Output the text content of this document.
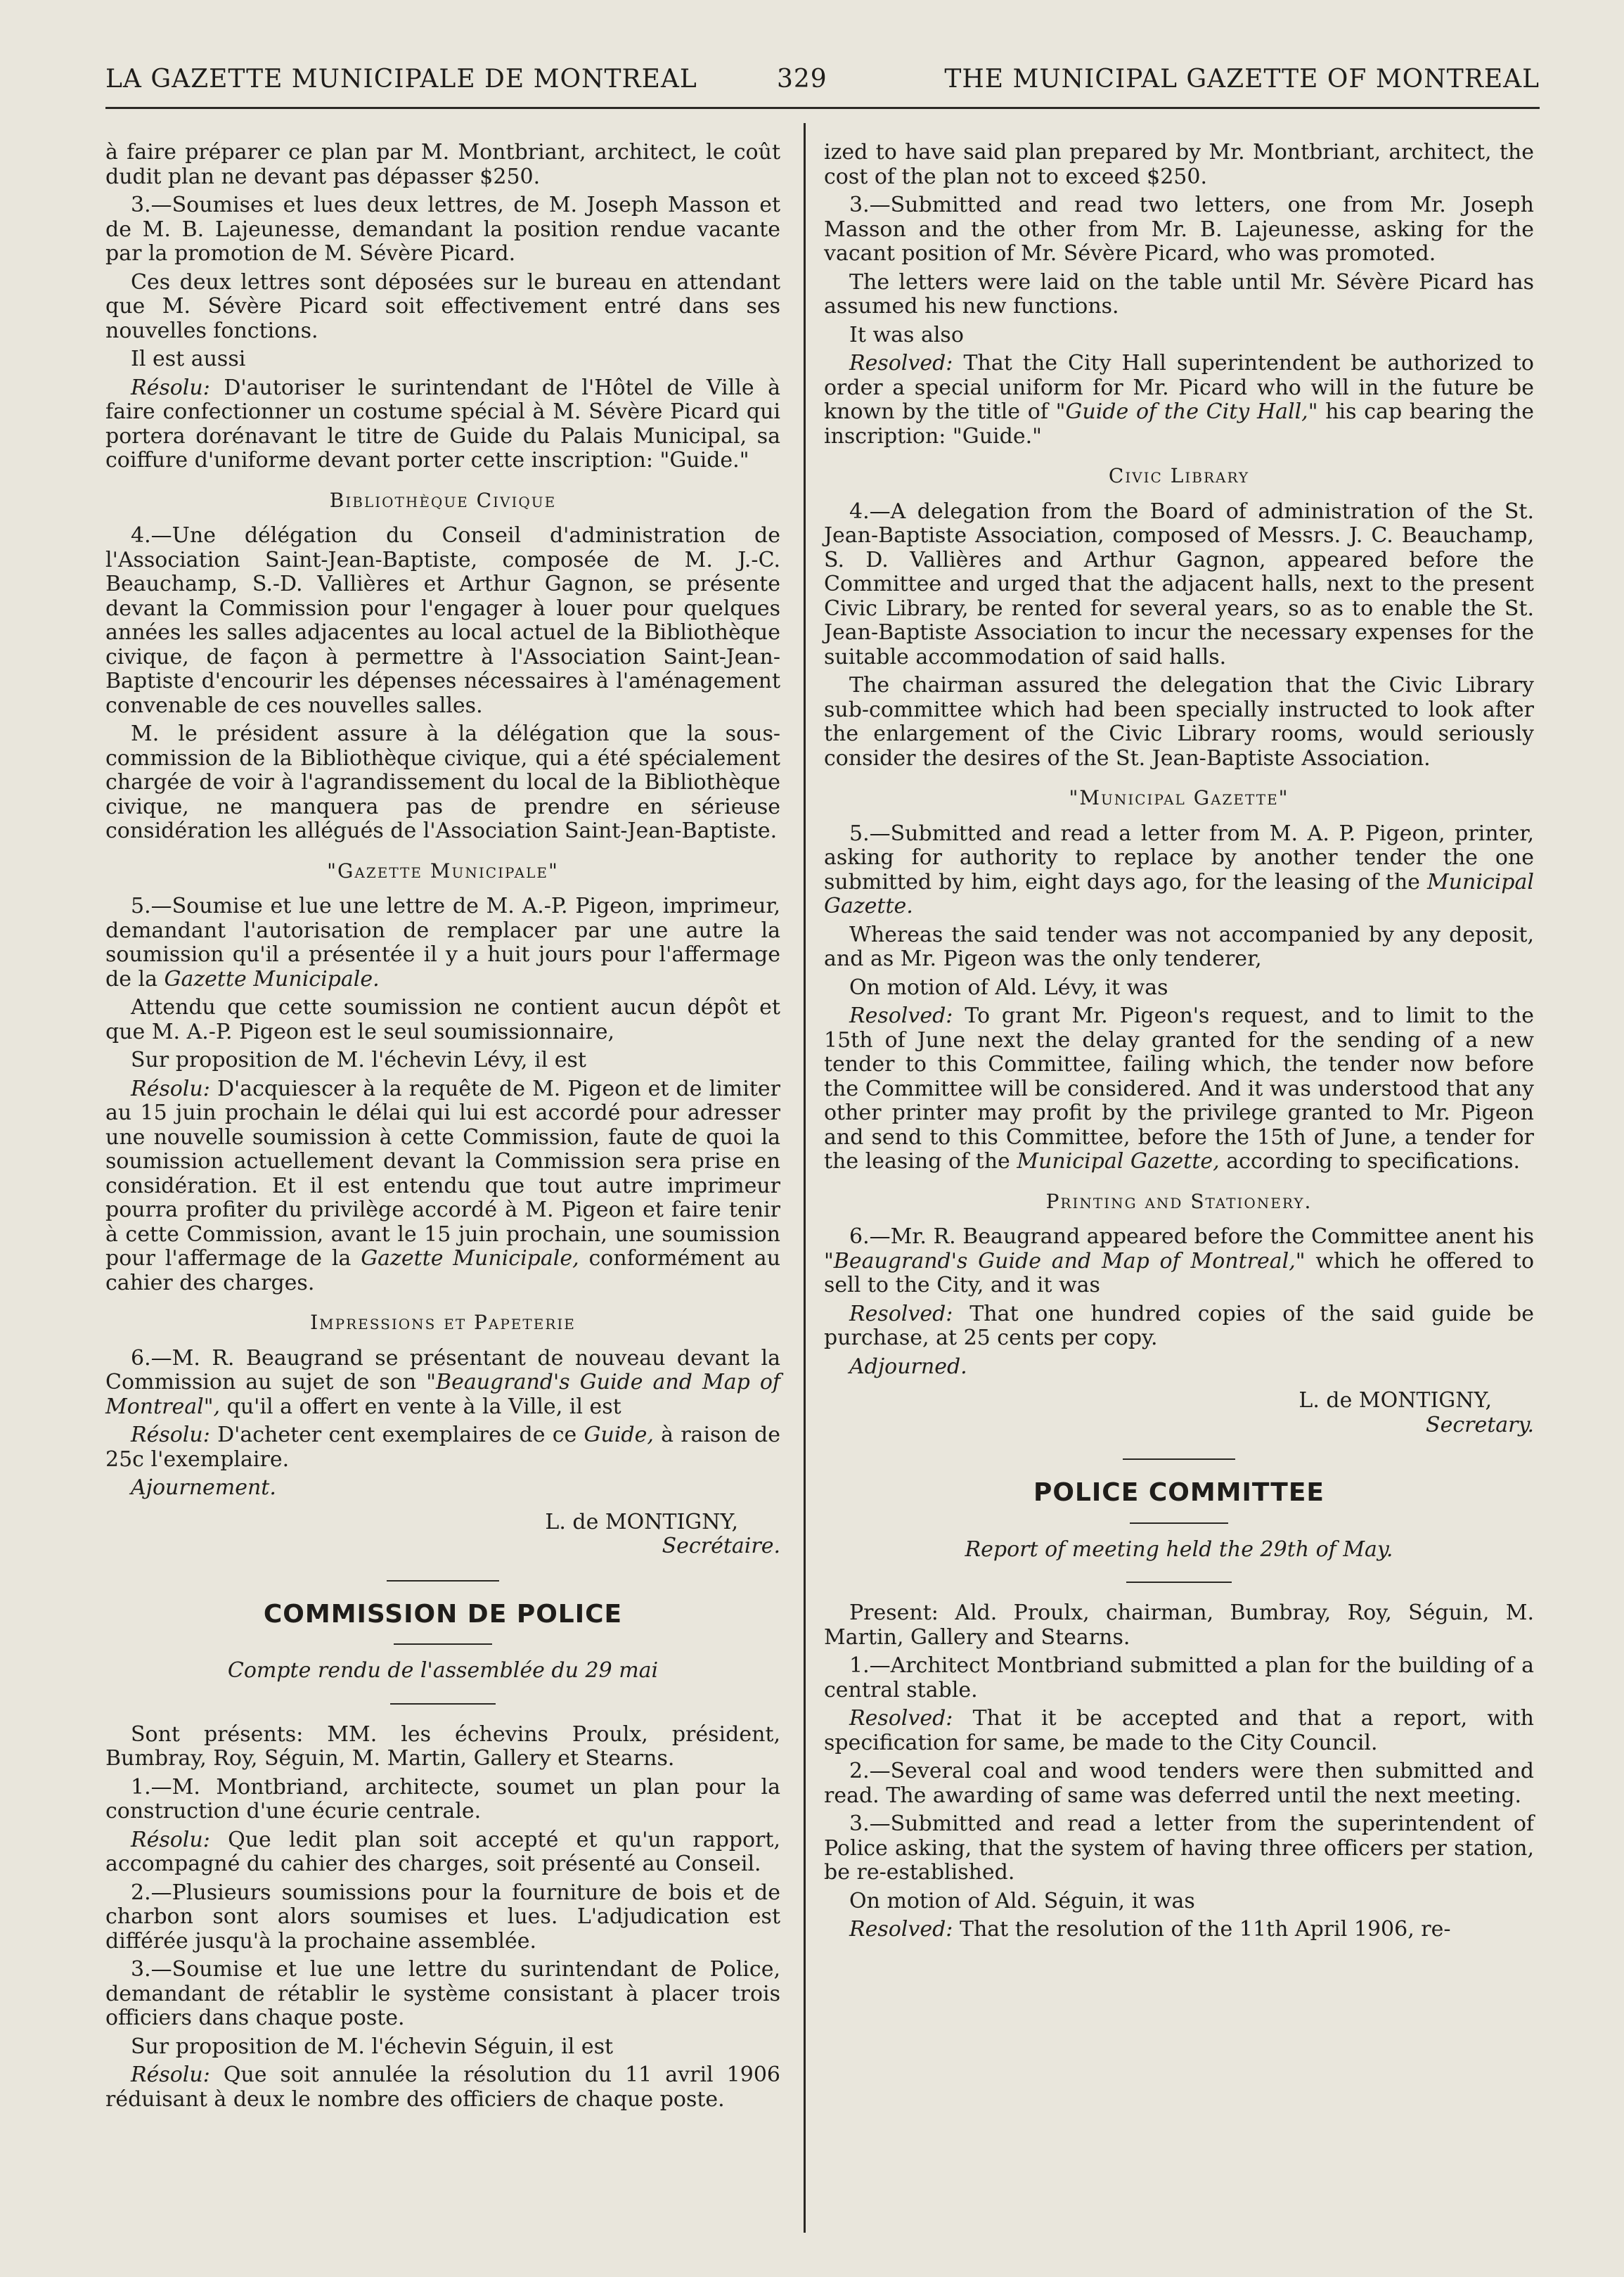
LA GAZETTE MUNICIPALE DE MONTREAL	329	THE MUNICIPAL GAZETTE OF MONTREAL

à faire préparer ce plan par M. Montbriant, architect, le coût dudit plan ne devant pas dépasser $250.

3.—Soumises et lues deux lettres, de M. Joseph Masson et de M. B. Lajeunesse, demandant la position rendue vacante par la promotion de M. Sévère Picard.

Ces deux lettres sont déposées sur le bureau en attendant que M. Sévère Picard soit effectivement entré dans ses nouvelles fonctions.

Il est aussi

Résolu: D'autoriser le surintendant de l'Hôtel de Ville à faire confectionner un costume spécial à M. Sévère Picard qui portera dorénavant le titre de Guide du Palais Municipal, sa coiffure d'uniforme devant porter cette inscription: "Guide."

Bibliothèque Civique

4.—Une délégation du Conseil d'administration de l'Association Saint-Jean-Baptiste, composée de M. J.-C. Beauchamp, S.-D. Vallières et Arthur Gagnon, se présente devant la Commission pour l'engager à louer pour quelques années les salles adjacentes au local actuel de la Bibliothèque civique, de façon à permettre à l'Association Saint-Jean-Baptiste d'encourir les dépenses nécessaires à l'aménagement convenable de ces nouvelles salles.

M. le président assure à la délégation que la sous-commission de la Bibliothèque civique, qui a été spécialement chargée de voir à l'agrandissement du local de la Bibliothèque civique, ne manquera pas de prendre en sérieuse considération les allégués de l'Association Saint-Jean-Baptiste.

"Gazette Municipale"

5.—Soumise et lue une lettre de M. A.-P. Pigeon, imprimeur, demandant l'autorisation de remplacer par une autre la soumission qu'il a présentée il y a huit jours pour l'affermage de la Gazette Municipale.

Attendu que cette soumission ne contient aucun dépôt et que M. A.-P. Pigeon est le seul soumissionnaire,

Sur proposition de M. l'échevin Lévy, il est

Résolu: D'acquiescer à la requête de M. Pigeon et de limiter au 15 juin prochain le délai qui lui est accordé pour adresser une nouvelle soumission à cette Commission, faute de quoi la soumission actuellement devant la Commission sera prise en considération. Et il est entendu que tout autre imprimeur pourra profiter du privilège accordé à M. Pigeon et faire tenir à cette Commission, avant le 15 juin prochain, une soumission pour l'affermage de la Gazette Municipale, conformément au cahier des charges.

Impressions et Papeterie

6.—M. R. Beaugrand se présentant de nouveau devant la Commission au sujet de son "Beaugrand's Guide and Map of Montreal", qu'il a offert en vente à la Ville, il est

Résolu: D'acheter cent exemplaires de ce Guide, à raison de 25c l'exemplaire.

Ajournement.

L. de MONTIGNY,
Secrétaire.
COMMISSION DE POLICE
Compte rendu de l'assemblée du 29 mai

Sont présents: MM. les échevins Proulx, président, Bumbray, Roy, Séguin, M. Martin, Gallery et Stearns.

1.—M. Montbriand, architecte, soumet un plan pour la construction d'une écurie centrale.

Résolu: Que ledit plan soit accepté et qu'un rapport, accompagné du cahier des charges, soit présenté au Conseil.

2.—Plusieurs soumissions pour la fourniture de bois et de charbon sont alors soumises et lues. L'adjudication est différée jusqu'à la prochaine assemblée.

3.—Soumise et lue une lettre du surintendant de Police, demandant de rétablir le système consistant à placer trois officiers dans chaque poste.

Sur proposition de M. l'échevin Séguin, il est

Résolu: Que soit annulée la résolution du 11 avril 1906 réduisant à deux le nombre des officiers de chaque poste.

ized to have said plan prepared by Mr. Montbriant, architect, the cost of the plan not to exceed $250.

3.—Submitted and read two letters, one from Mr. Joseph Masson and the other from Mr. B. Lajeunesse, asking for the vacant position of Mr. Sévère Picard, who was promoted.

The letters were laid on the table until Mr. Sévère Picard has assumed his new functions.

It was also

Resolved: That the City Hall superintendent be authorized to order a special uniform for Mr. Picard who will in the future be known by the title of "Guide of the City Hall," his cap bearing the inscription: "Guide."

Civic Library

4.—A delegation from the Board of administration of the St. Jean-Baptiste Association, composed of Messrs. J. C. Beauchamp, S. D. Vallières and Arthur Gagnon, appeared before the Committee and urged that the adjacent halls, next to the present Civic Library, be rented for several years, so as to enable the St. Jean-Baptiste Association to incur the necessary expenses for the suitable accommodation of said halls.

The chairman assured the delegation that the Civic Library sub-committee which had been specially instructed to look after the enlargement of the Civic Library rooms, would seriously consider the desires of the St. Jean-Baptiste Association.

"Municipal Gazette"

5.—Submitted and read a letter from M. A. P. Pigeon, printer, asking for authority to replace by another tender the one submitted by him, eight days ago, for the leasing of the Municipal Gazette.

Whereas the said tender was not accompanied by any deposit, and as Mr. Pigeon was the only tenderer,

On motion of Ald. Lévy, it was

Resolved: To grant Mr. Pigeon's request, and to limit to the 15th of June next the delay granted for the sending of a new tender to this Committee, failing which, the tender now before the Committee will be considered. And it was understood that any other printer may profit by the privilege granted to Mr. Pigeon and send to this Committee, before the 15th of June, a tender for the leasing of the Municipal Gazette, according to specifications.

Printing and Stationery.

6.—Mr. R. Beaugrand appeared before the Committee anent his "Beaugrand's Guide and Map of Montreal," which he offered to sell to the City, and it was

Resolved: That one hundred copies of the said guide be purchase, at 25 cents per copy.

Adjourned.

L. de MONTIGNY,
Secretary.
POLICE COMMITTEE
Report of meeting held the 29th of May.

Present: Ald. Proulx, chairman, Bumbray, Roy, Séguin, M. Martin, Gallery and Stearns.

1.—Architect Montbriand submitted a plan for the building of a central stable.

Resolved: That it be accepted and that a report, with specification for same, be made to the City Council.

2.—Several coal and wood tenders were then submitted and read. The awarding of same was deferred until the next meeting.

3.—Submitted and read a letter from the superintendent of Police asking, that the system of having three officers per station, be re-established.

On motion of Ald. Séguin, it was

Resolved: That the resolution of the 11th April 1906, re-
